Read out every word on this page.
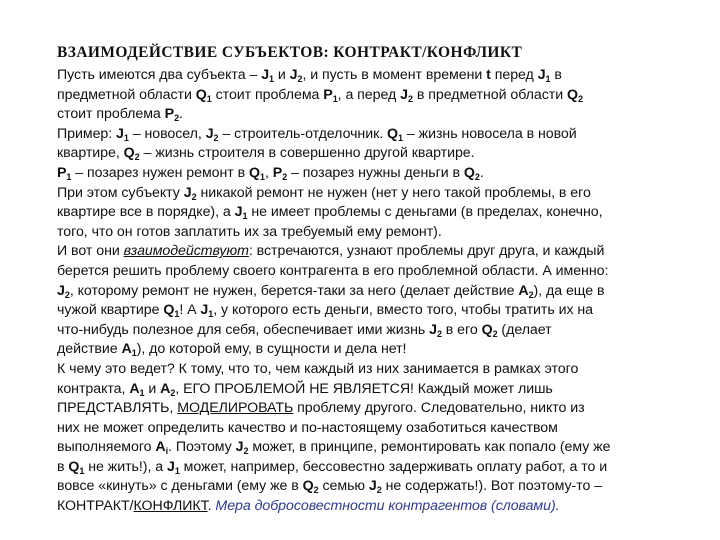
ВЗАИМОДЕЙСТВИЕ СУБЪЕКТОВ: КОНТРАКТ/КОНФЛИКТ
Пусть имеются два субъекта – $J_1$ и $J_2$, и пусть в момент времени t перед $J_1$ в
предметной области $Q_1$ стоит проблема $P_1$, а перед $J_2$ в предметной области $Q_2$
стоит проблема $P_2$.
Пример: $J_1$ – новосел, $J_2$ – строитель-отделочник. $Q_1$ – жизнь новосела в новой
квартире, $Q_2$ – жизнь строителя в совершенно другой квартире.
$P_1$ – позарез нужен ремонт в $Q_1$, $P_2$ – позарез нужны деньги в $Q_2$.
При этом субъекту $J_2$ никакой ремонт не нужен (нет у него такой проблемы, в его
квартире все в порядке), а $J_1$ не имеет проблемы с деньгами (в пределах, конечно,
того, что он готов заплатить их за требуемый ему ремонт).
И вот они взаимодействуют: встречаются, узнают проблемы друг друга, и каждый
берется решить проблему своего контрагента в его проблемной области. А именно:
$J_2$, которому ремонт не нужен, берется-таки за него (делает действие $A_2$), да еще в
чужой квартире $Q_1$! А $J_1$, у которого есть деньги, вместо того, чтобы тратить их на
что-нибудь полезное для себя, обеспечивает ими жизнь $J_2$ в его $Q_2$ (делает
действие $A_1$), до которой ему, в сущности и дела нет!
К чему это ведет? К тому, что то, чем каждый из них занимается в рамках этого
контракта, $A_1$ и $A_2$, ЕГО ПРОБЛЕМОЙ НЕ ЯВЛЯЕТСЯ! Каждый может лишь
ПРЕДСТАВЛЯТЬ, МОДЕЛИРОВАТЬ проблему другого. Следовательно, никто из
них не может определить качество и по-настоящему озаботиться качеством
выполняемого $A_i$. Поэтому $J_2$ может, в принципе, ремонтировать как попало (ему же
в $Q_1$ не жить!), а $J_1$ может, например, бессовестно задерживать оплату работ, а то и
вовсе «кинуть» с деньгами (ему же в $Q_2$ семью $J_2$ не содержать!). Вот поэтому-то –
КОНТРАКТ/КОНФЛИКТ. Мера добросовестности контрагентов (словами).
